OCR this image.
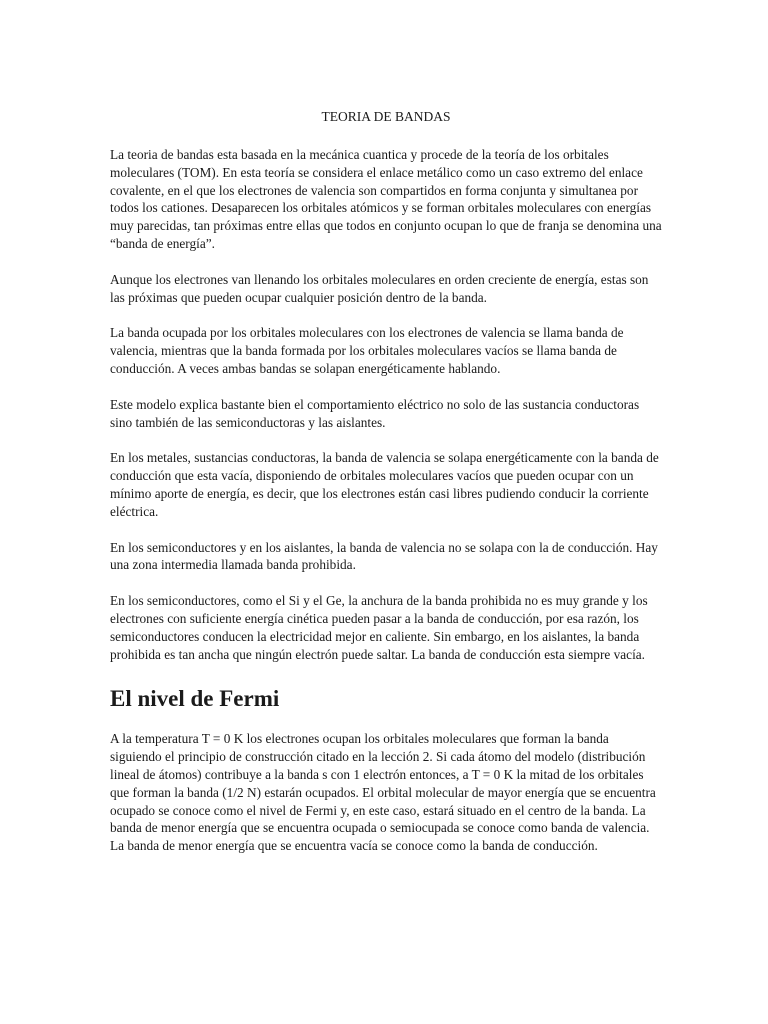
TEORIA DE BANDAS

La teoria de bandas esta basada en la mecánica cuantica y procede de la teoría de los orbitales moleculares (TOM). En esta teoría se considera el enlace metálico como un caso extremo del enlace covalente, en el que los electrones de valencia son compartidos en forma conjunta y simultanea por todos los cationes. Desaparecen los orbitales atómicos y se forman orbitales moleculares con energías muy parecidas, tan próximas entre ellas que todos en conjunto ocupan lo que de franja se denomina una “banda de energía”.

Aunque los electrones van llenando los orbitales moleculares en orden creciente de energía, estas son las próximas que pueden ocupar cualquier posición dentro de la banda.

La banda ocupada por los orbitales moleculares con los electrones de valencia se llama banda de valencia, mientras que la banda formada por los orbitales moleculares vacíos se llama banda de conducción. A veces ambas bandas se solapan energéticamente hablando.

Este modelo explica bastante bien el comportamiento eléctrico no solo de las sustancia conductoras sino también de las semiconductoras y las aislantes.

En los metales, sustancias conductoras, la banda de valencia se solapa energéticamente con la banda de conducción que esta vacía, disponiendo de orbitales moleculares vacíos que pueden ocupar con un mínimo aporte de energía, es decir, que los electrones están casi libres pudiendo conducir la corriente eléctrica.

En los semiconductores y en los aislantes, la banda de valencia no se solapa con la de conducción. Hay una zona intermedia llamada banda prohibida.

En los semiconductores, como el Si y el Ge, la anchura de la banda prohibida no es muy grande y los electrones con suficiente energía cinética pueden pasar a la banda de conducción, por esa razón, los semiconductores conducen la electricidad mejor en caliente. Sin embargo, en los aislantes, la banda prohibida es tan ancha que ningún electrón puede saltar. La banda de conducción esta siempre vacía.

El nivel de Fermi

A la temperatura T = 0 K los electrones ocupan los orbitales moleculares que forman la banda siguiendo el principio de construcción citado en la lección 2. Si cada átomo del modelo (distribución lineal de átomos) contribuye a la banda s con 1 electrón entonces, a T = 0 K la mitad de los orbitales que forman la banda (1/2 N) estarán ocupados. El orbital molecular de mayor energía que se encuentra ocupado se conoce como el nivel de Fermi y, en este caso, estará situado en el centro de la banda. La banda de menor energía que se encuentra ocupada o semiocupada se conoce como banda de valencia. La banda de menor energía que se encuentra vacía se conoce como la banda de conducción.
